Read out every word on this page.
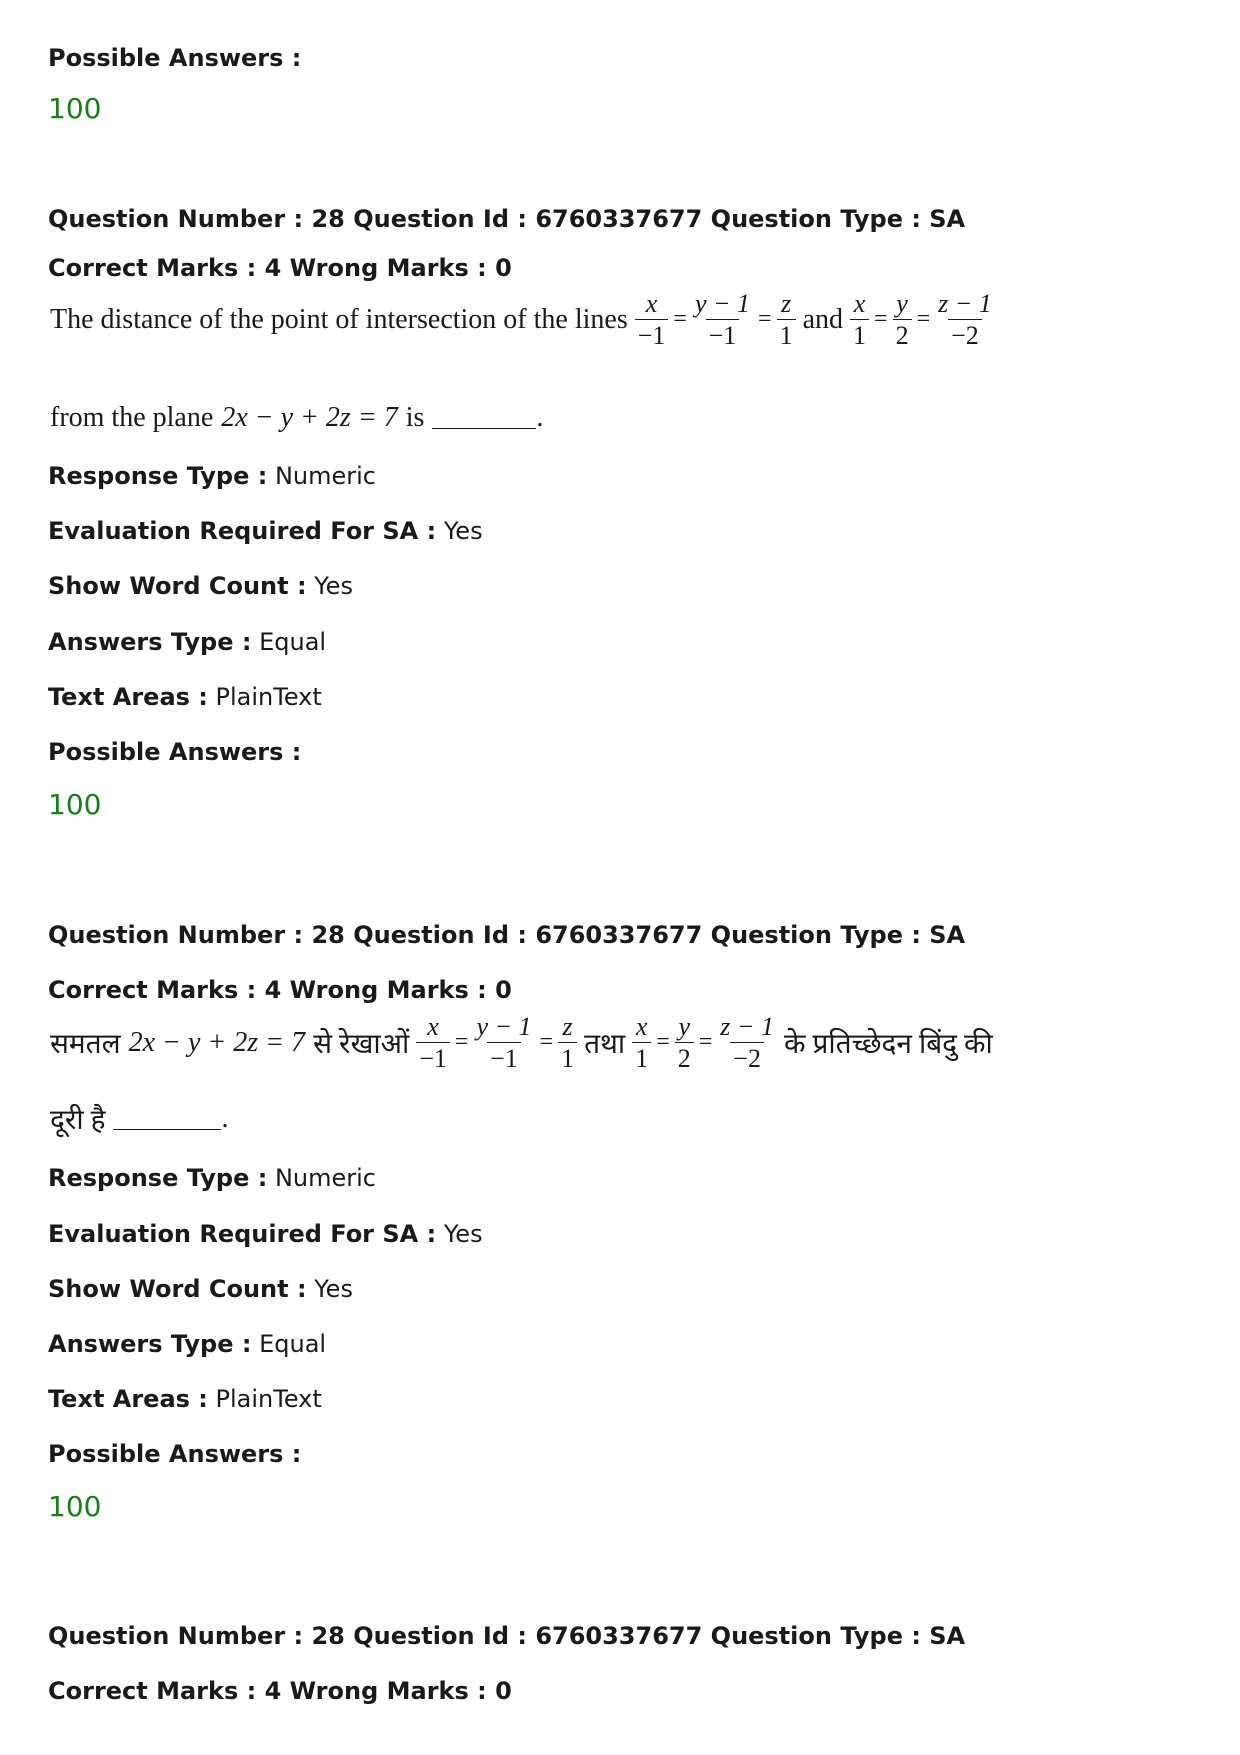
Possible Answers :
100
Question Number : 28 Question Id : 6760337677 Question Type : SA
Correct Marks : 4 Wrong Marks : 0
The distance of the point of intersection of the lines $\frac{x}{-1} = \frac{y - 1}{-1} = \frac{z}{1}$ and $\frac{x}{1} = \frac{y}{2} = \frac{z - 1}{-2}$
from the plane 2x − y + 2z = 7 is	.
Response Type : Numeric
Evaluation Required For SA : Yes
Show Word Count : Yes
Answers Type : Equal
Text Areas : PlainText
Possible Answers :
100
Question Number : 28 Question Id : 6760337677 Question Type : SA
Correct Marks : 4 Wrong Marks : 0
समतल 2x − y + 2z = 7 से रेखाओं $\frac{x}{-1} = \frac{y - 1}{-1} = \frac{z}{1}$ तथा $\frac{x}{1} = \frac{y}{2} = \frac{z - 1}{-2}$ के प्रतिच्छेदन बिंदु की
दूरी है	.
Response Type : Numeric
Evaluation Required For SA : Yes
Show Word Count : Yes
Answers Type : Equal
Text Areas : PlainText
Possible Answers :
100
Question Number : 28 Question Id : 6760337677 Question Type : SA
Correct Marks : 4 Wrong Marks : 0
